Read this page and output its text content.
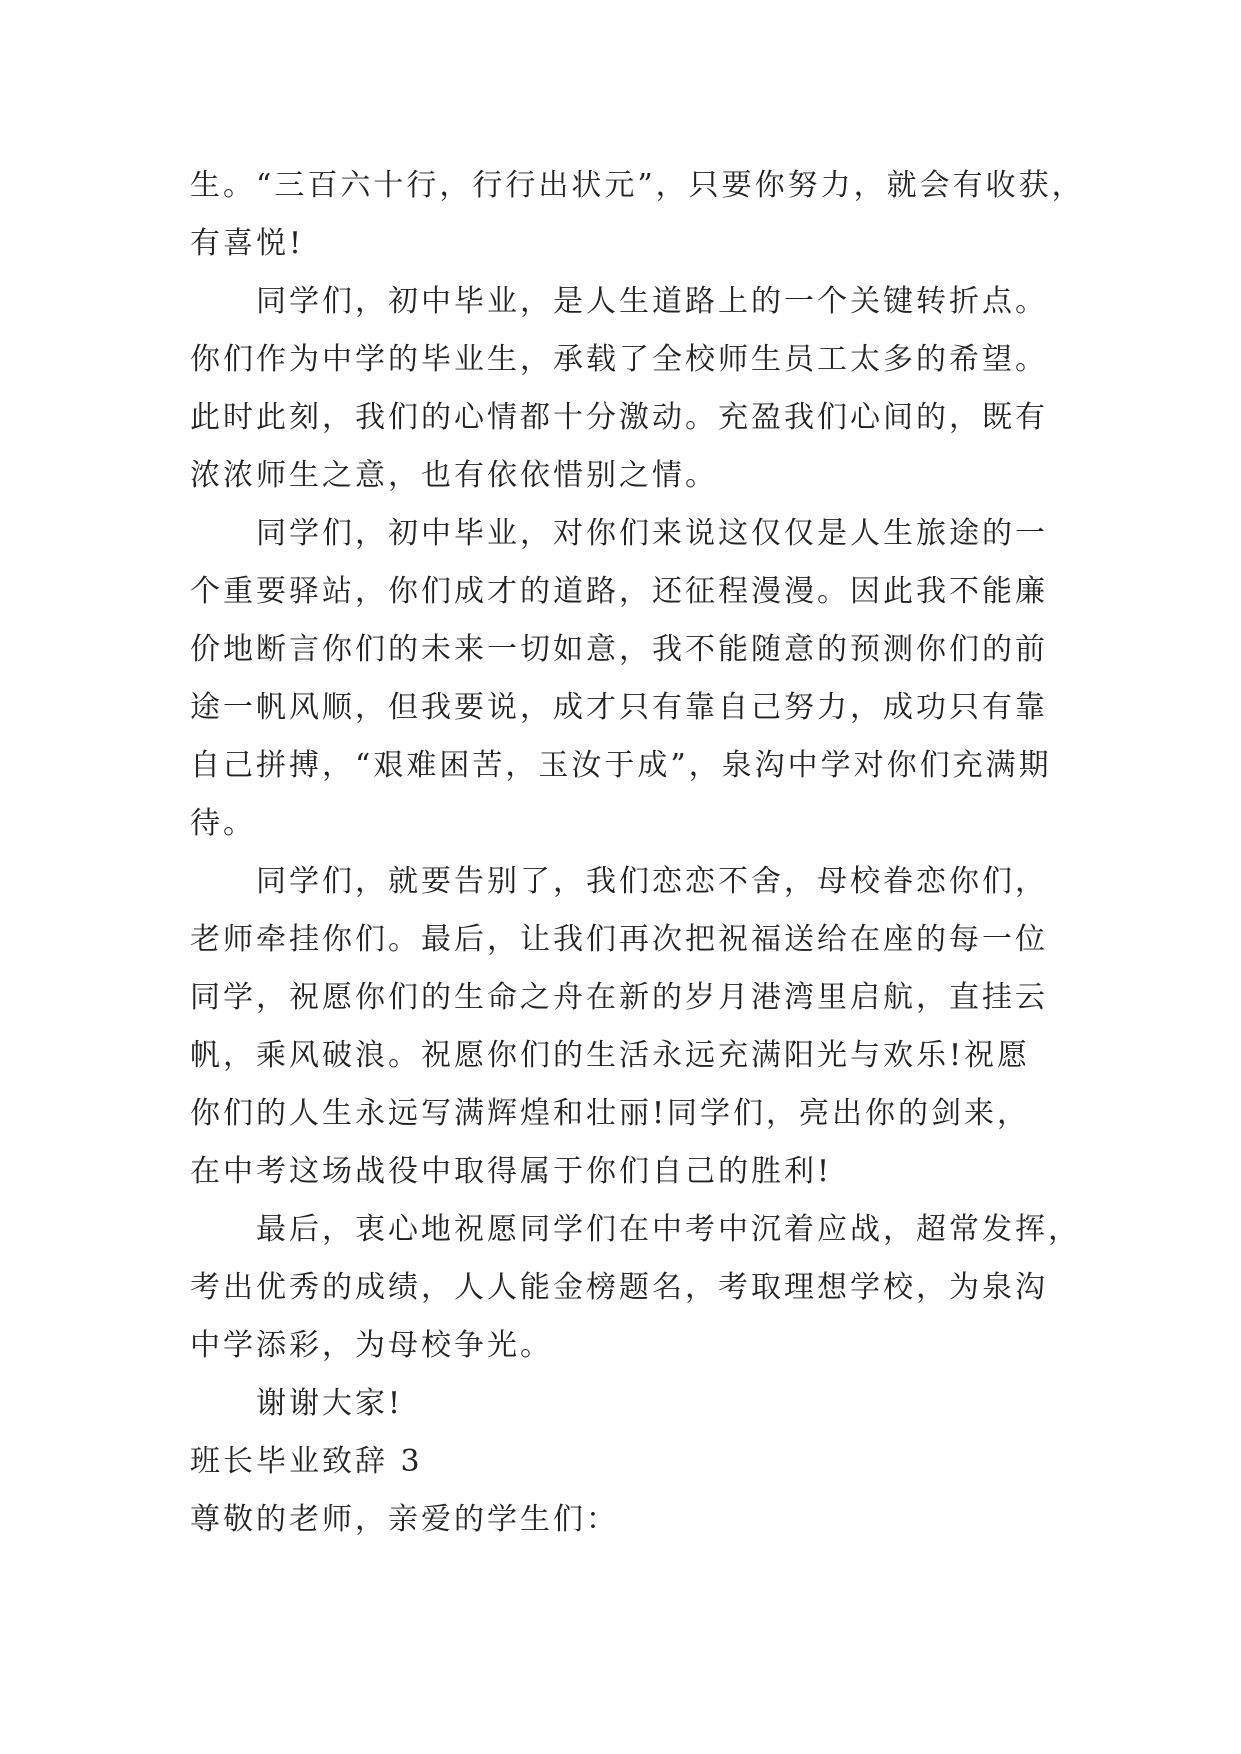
生。“三百六十行，行行出状元”，只要你努力，就会有收获，
有喜悦!
同学们，初中毕业，是人生道路上的一个关键转折点。
你们作为中学的毕业生，承载了全校师生员工太多的希望。
此时此刻，我们的心情都十分激动。充盈我们心间的，既有
浓浓师生之意，也有依依惜别之情。
同学们，初中毕业，对你们来说这仅仅是人生旅途的一
个重要驿站，你们成才的道路，还征程漫漫。因此我不能廉
价地断言你们的未来一切如意，我不能随意的预测你们的前
途一帆风顺，但我要说，成才只有靠自己努力，成功只有靠
自己拼搏，“艰难困苦，玉汝于成”，泉沟中学对你们充满期
待。
同学们，就要告别了，我们恋恋不舍，母校眷恋你们，
老师牵挂你们。最后，让我们再次把祝福送给在座的每一位
同学，祝愿你们的生命之舟在新的岁月港湾里启航，直挂云
帆，乘风破浪。祝愿你们的生活永远充满阳光与欢乐!祝愿
你们的人生永远写满辉煌和壮丽!同学们，亮出你的剑来，
在中考这场战役中取得属于你们自己的胜利!
最后，衷心地祝愿同学们在中考中沉着应战，超常发挥，
考出优秀的成绩，人人能金榜题名，考取理想学校，为泉沟
中学添彩，为母校争光。
谢谢大家!
班长毕业致辞 3
尊敬的老师，亲爱的学生们：
